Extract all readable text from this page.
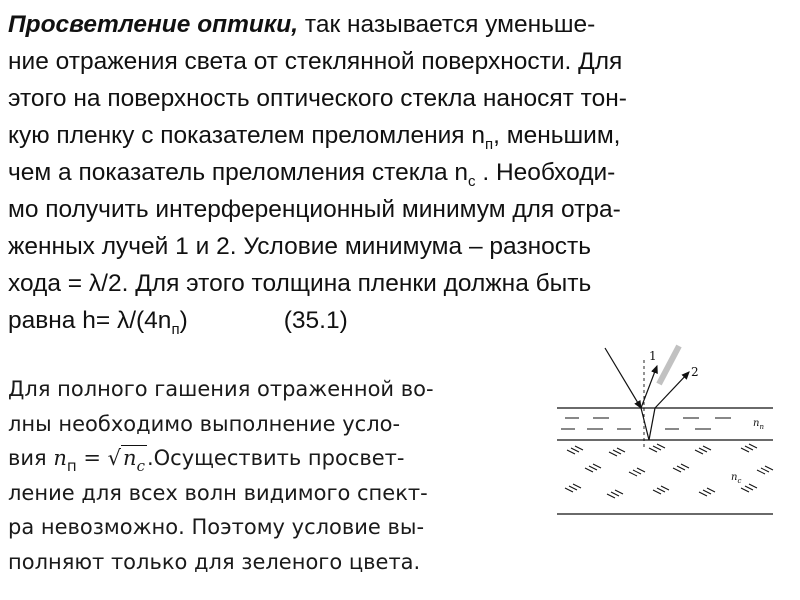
Просветление оптики, так называется уменьше-
ние отражения света от стеклянной поверхности. Для
этого на поверхность оптического стекла наносят тон-
кую пленку с показателем преломления $n_п$, меньшим,
чем а показатель преломления стекла $n_с$ . Необходи-
мо получить интерференционный минимум для отра-
женных лучей 1 и 2. Условие минимума – разность
хода = λ/2. Для этого толщина пленки должна быть
равна $h= \lambda/(4n_п)$	(35.1)
Для полного гашения отраженной во-
лны необходимо выполнение усло-
вия $n_п$ = $√n_c.Осуществить$ просвет-
ление для всех волн видимого спект-
ра невозможно. Поэтому условие вы-
полняют только для зеленого цвета.
1
2
$n_п$
$n_c$
